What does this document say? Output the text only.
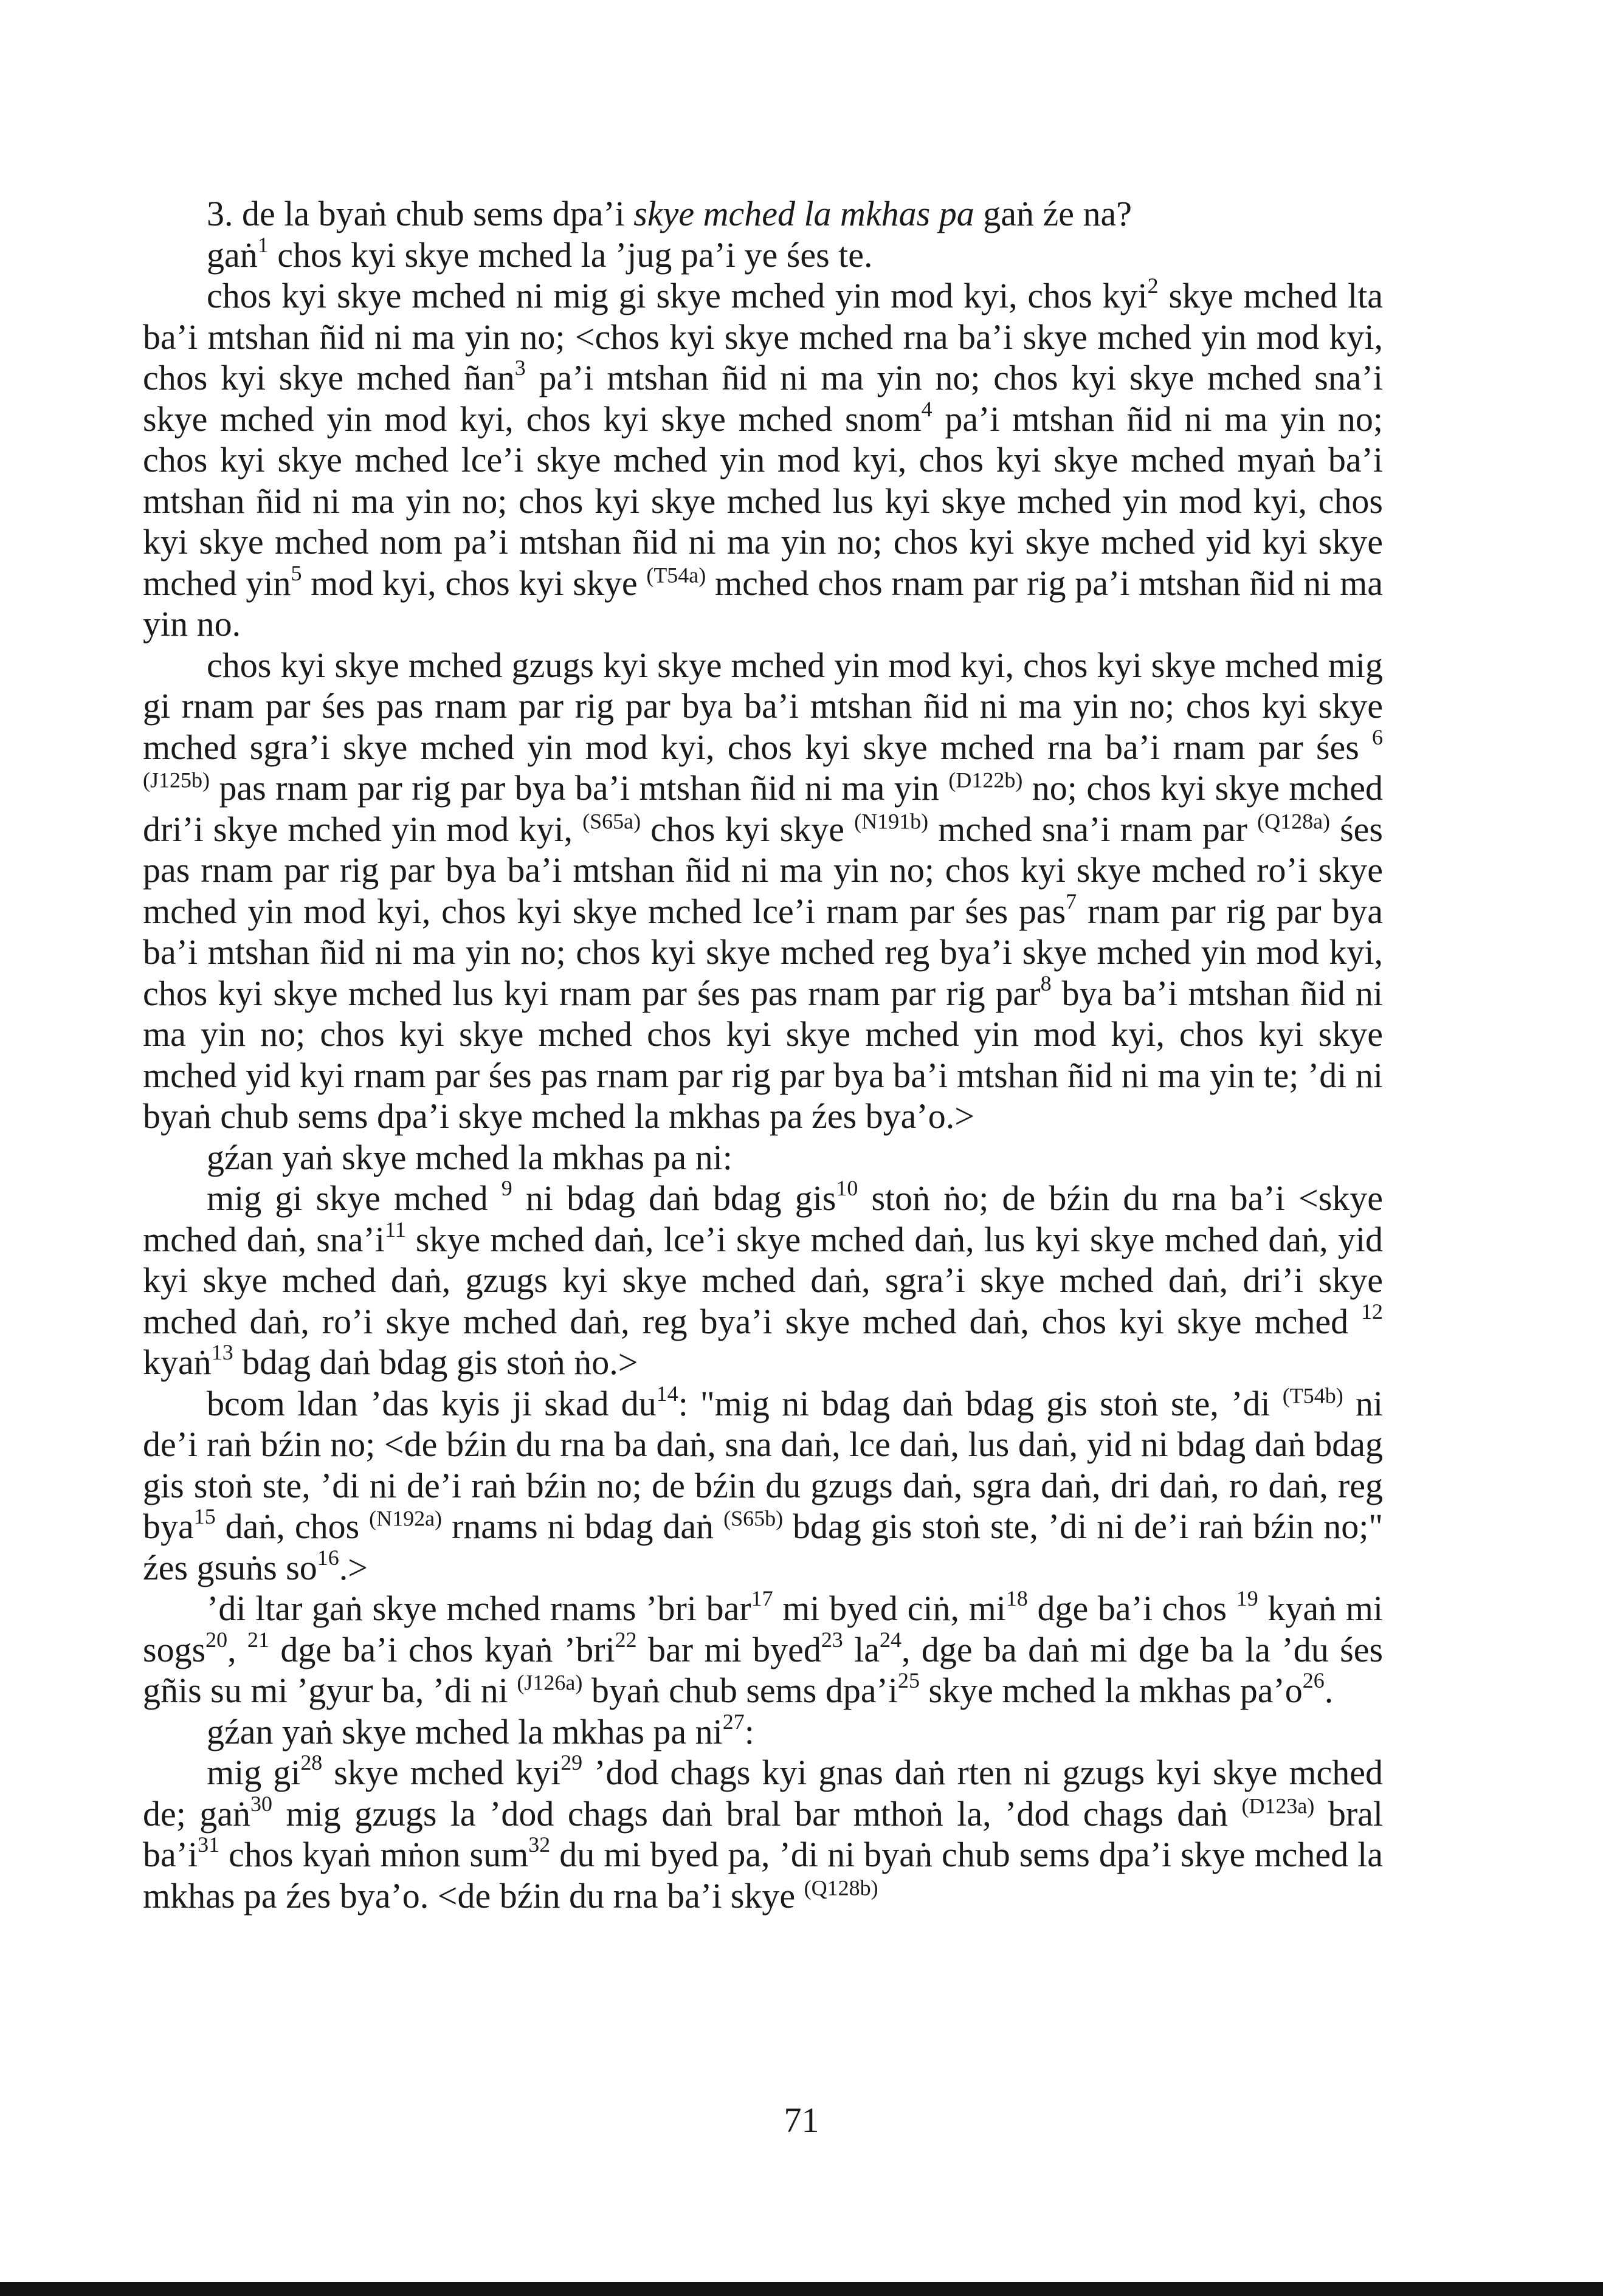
3. de la byaṅ chub sems dpa’i skye mched la mkhas pa gaṅ źe na?

gaṅ$^1$ chos kyi skye mched la ’jug pa’i ye śes te.

chos kyi skye mched ni mig gi skye mched yin mod kyi, chos kyi$^2$ skye mched lta ba’i mtshan ñid ni ma yin no; <chos kyi skye mched rna ba’i skye mched yin mod kyi, chos kyi skye mched ñan$^3$ pa’i mtshan ñid ni ma yin no; chos kyi skye mched sna’i skye mched yin mod kyi, chos kyi skye mched snom$^4$ pa’i mtshan ñid ni ma yin no; chos kyi skye mched lce’i skye mched yin mod kyi, chos kyi skye mched myaṅ ba’i mtshan ñid ni ma yin no; chos kyi skye mched lus kyi skye mched yin mod kyi, chos kyi skye mched nom pa’i mtshan ñid ni ma yin no; chos kyi skye mched yid kyi skye mched yin$^5$ mod kyi, chos kyi skye $^{(T54a)}$ mched chos rnam par rig pa’i mtshan ñid ni ma yin no.

chos kyi skye mched gzugs kyi skye mched yin mod kyi, chos kyi skye mched mig gi rnam par śes pas rnam par rig par bya ba’i mtshan ñid ni ma yin no; chos kyi skye mched sgra’i skye mched yin mod kyi, chos kyi skye mched rna ba’i rnam par śes $^6$ $^{(J125b)}$ pas rnam par rig par bya ba’i mtshan ñid ni ma yin $^{(D122b)}$ no; chos kyi skye mched dri’i skye mched yin mod kyi, $^{(S65a)}$ chos kyi skye $^{(N191b)}$ mched sna’i rnam par $^{(Q128a)}$ śes pas rnam par rig par bya ba’i mtshan ñid ni ma yin no; chos kyi skye mched ro’i skye mched yin mod kyi, chos kyi skye mched lce’i rnam par śes pas$^7$ rnam par rig par bya ba’i mtshan ñid ni ma yin no; chos kyi skye mched reg bya’i skye mched yin mod kyi, chos kyi skye mched lus kyi rnam par śes pas rnam par rig par$^8$ bya ba’i mtshan ñid ni ma yin no; chos kyi skye mched chos kyi skye mched yin mod kyi, chos kyi skye mched yid kyi rnam par śes pas rnam par rig par bya ba’i mtshan ñid ni ma yin te; ’di ni byaṅ chub sems dpa’i skye mched la mkhas pa źes bya’o.>

gźan yaṅ skye mched la mkhas pa ni:

mig gi skye mched $^9$ ni bdag daṅ bdag gis$^{10}$ stoṅ ṅo; de bźin du rna ba’i <skye mched daṅ, $sna’i^{11}$ skye mched daṅ, lce’i skye mched daṅ, lus kyi skye mched daṅ, yid kyi skye mched daṅ, gzugs kyi skye mched daṅ, sgra’i skye mched daṅ, dri’i skye mched daṅ, ro’i skye mched daṅ, reg bya’i skye mched daṅ, chos kyi skye mched $^{12}$ kyaṅ$^{13}$ bdag daṅ bdag gis stoṅ ṅo.>

bcom ldan ’das kyis ji skad $du^{14}$: "mig ni bdag daṅ bdag gis stoṅ ste, ’di $^{(T54b)}$ ni de’i raṅ bźin no; <de bźin du rna ba daṅ, sna daṅ, lce daṅ, lus daṅ, yid ni bdag daṅ bdag gis stoṅ ste, ’di ni de’i raṅ bźin no; de bźin du gzugs daṅ, sgra daṅ, dri daṅ, ro daṅ, reg bya$^{15}$ daṅ, chos $^{(N192a)}$ rnams ni bdag daṅ $^{(S65b)}$ bdag gis stoṅ ste, ’di ni de’i raṅ bźin no;" źes gsuṅs $so^{16}.>$

’di ltar gaṅ skye mched rnams ’bri bar$^{17}$ mi byed ciṅ, $mi^{18}$ dge ba’i chos $^{19}$ kyaṅ mi sogs$^{20}$, $^{21}$ dge ba’i chos kyaṅ ’bri$^{22}$ bar mi byed$^{23}$ $la^{24}$, dge ba daṅ mi dge ba la ’du śes gñis su mi ’gyur ba, ’di ni $^{(J126a)}$ byaṅ chub sems $dpa’i^{25}$ skye mched la mkhas $pa’o^{26}$.

gźan yaṅ skye mched la mkhas pa $ni^{27}$:

mig $gi^{28}$ skye mched kyi$^{29}$ ’dod chags kyi gnas daṅ rten ni gzugs kyi skye mched de; gaṅ$^{30}$ mig gzugs la ’dod chags daṅ bral bar mthoṅ la, ’dod chags daṅ $^{(D123a)}$ bral $ba’i^{31}$ chos kyaṅ mṅon sum$^{32}$ du mi byed pa, ’di ni byaṅ chub sems dpa’i skye mched la mkhas pa źes bya’o. <de bźin du rna ba’i skye $^{(Q128b)}$

71
